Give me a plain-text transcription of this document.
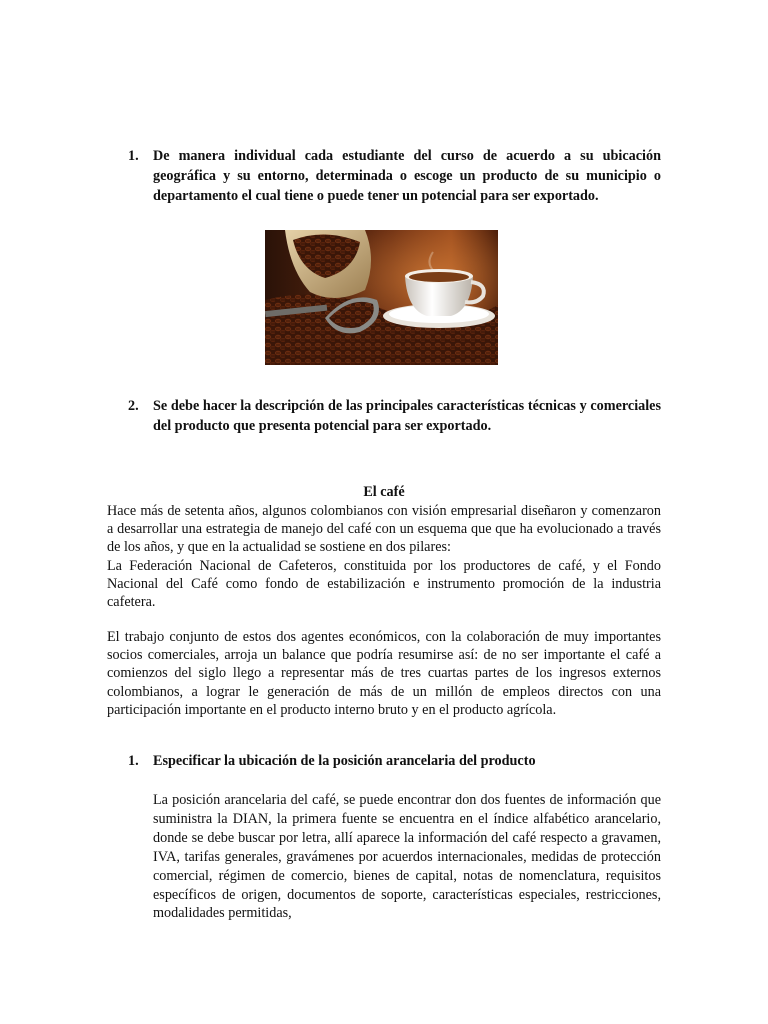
1. De manera individual cada estudiante del curso de acuerdo a su ubicación geográfica y su entorno, determinada o escoge un producto de su municipio o departamento el cual tiene o puede tener un potencial para ser exportado.
2. Se debe hacer la descripción de las principales características técnicas y comerciales del producto que presenta potencial para ser exportado.
El café

Hace más de setenta años, algunos colombianos con visión empresarial diseñaron y comenzaron a desarrollar una estrategia de manejo del café con un esquema que que ha evolucionado a través de los años, y que en la actualidad se sostiene en dos pilares:

La Federación Nacional de Cafeteros, constituida por los productores de café, y el Fondo Nacional del Café como fondo de estabilización e instrumento promoción de la industria cafetera.

El trabajo conjunto de estos dos agentes económicos, con la colaboración de muy importantes socios comerciales, arroja un balance que podría resumirse así: de no ser importante el café a comienzos del siglo llego a representar más de tres cuartas partes de los ingresos externos colombianos, a lograr le generación de más de un millón de empleos directos con una participación importante en el producto interno bruto y en el producto agrícola.

1. Especificar la ubicación de la posición arancelaria del producto
La posición arancelaria del café, se puede encontrar don dos fuentes de información que suministra la DIAN, la primera fuente se encuentra en el índice alfabético arancelario, donde se debe buscar por letra, allí aparece la información del café respecto a gravamen, IVA, tarifas generales, gravámenes por acuerdos internacionales, medidas de protección comercial, régimen de comercio, bienes de capital, notas de nomenclatura, requisitos específicos de origen, documentos de soporte, características especiales, restricciones, modalidades permitidas,
